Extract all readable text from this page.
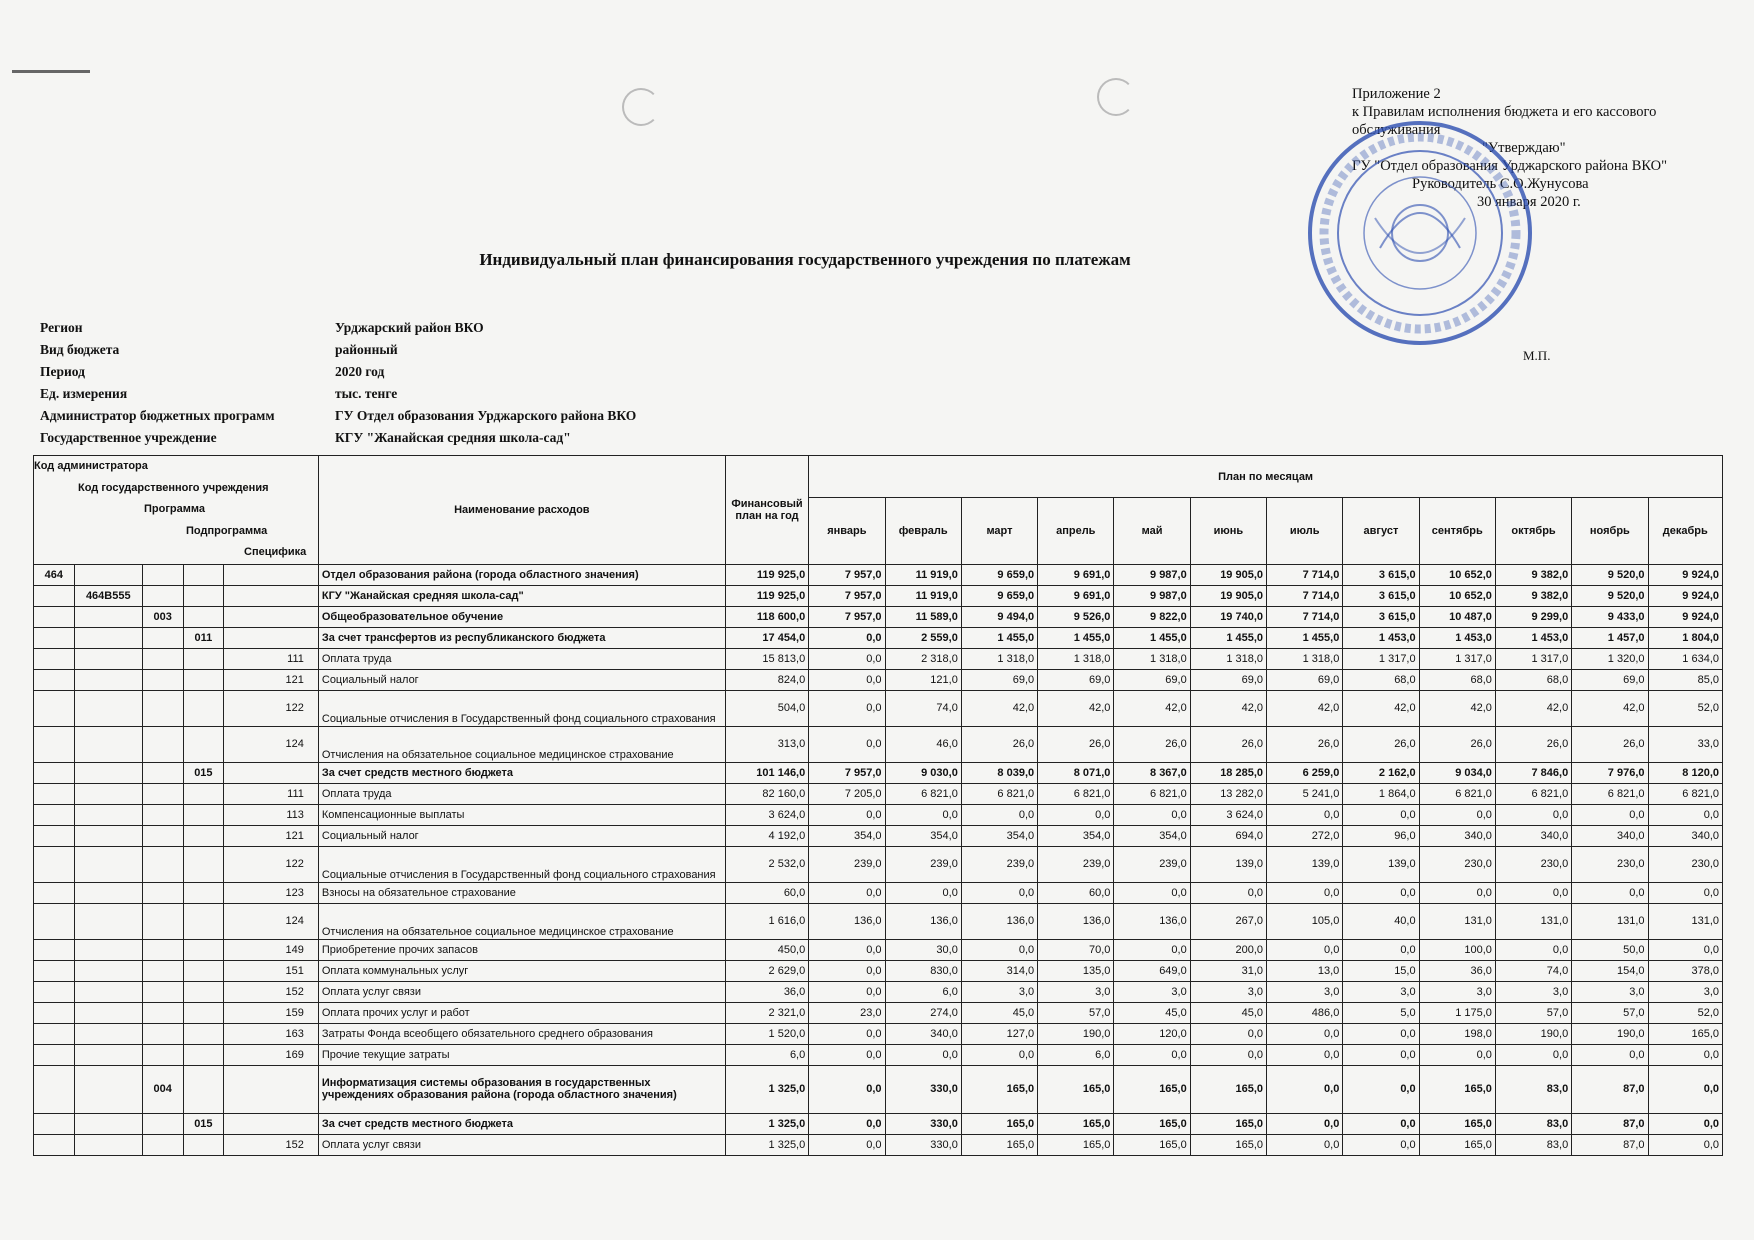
Приложение 2
к Правилам исполнения бюджета и его кассового
обслуживания
"Утверждаю"
ГУ "Отдел образования Урджарского района ВКО"
Руководитель С.О.Жунусова
30 января 2020 г.
М.П.
Индивидуальный план финансирования государственного учреждения по платежам
Регион	Урджарский район ВКО
Вид бюджета	районный
Период	2020 год
Ед. измерения	тыс. тенге
Администратор бюджетных программ	ГУ Отдел образования Урджарского района ВКО
Государственное учреждение	КГУ "Жанайская средняя школа-сад"
Код администратора
Код государственного учреждения
Программа
Подпрограмма
Специфика					Наименование расходов	Финансовый план на год	План по месяцам											
							январь	февраль	март	апрель	май	июнь	июль	август	сентябрь	октябрь	ноябрь	декабрь
464					Отдел образования района (города областного значения)	119 925,0	7 957,0	11 919,0	9 659,0	9 691,0	9 987,0	19 905,0	7 714,0	3 615,0	10 652,0	9 382,0	9 520,0	9 924,0
	464В555				КГУ "Жанайская средняя школа-сад"	119 925,0	7 957,0	11 919,0	9 659,0	9 691,0	9 987,0	19 905,0	7 714,0	3 615,0	10 652,0	9 382,0	9 520,0	9 924,0
		003			Общеобразовательное обучение	118 600,0	7 957,0	11 589,0	9 494,0	9 526,0	9 822,0	19 740,0	7 714,0	3 615,0	10 487,0	9 299,0	9 433,0	9 924,0
			011		За счет трансфертов из республиканского бюджета	17 454,0	0,0	2 559,0	1 455,0	1 455,0	1 455,0	1 455,0	1 455,0	1 453,0	1 453,0	1 453,0	1 457,0	1 804,0
				111	Оплата труда	15 813,0	0,0	2 318,0	1 318,0	1 318,0	1 318,0	1 318,0	1 318,0	1 317,0	1 317,0	1 317,0	1 320,0	1 634,0
				121	Социальный налог	824,0	0,0	121,0	69,0	69,0	69,0	69,0	69,0	68,0	68,0	68,0	69,0	85,0
				122	Социальные отчисления в Государственный фонд социального страхования	504,0	0,0	74,0	42,0	42,0	42,0	42,0	42,0	42,0	42,0	42,0	42,0	52,0
				124	Отчисления на обязательное социальное медицинское страхование	313,0	0,0	46,0	26,0	26,0	26,0	26,0	26,0	26,0	26,0	26,0	26,0	33,0
			015		За счет средств местного бюджета	101 146,0	7 957,0	9 030,0	8 039,0	8 071,0	8 367,0	18 285,0	6 259,0	2 162,0	9 034,0	7 846,0	7 976,0	8 120,0
				111	Оплата труда	82 160,0	7 205,0	6 821,0	6 821,0	6 821,0	6 821,0	13 282,0	5 241,0	1 864,0	6 821,0	6 821,0	6 821,0	6 821,0
				113	Компенсационные выплаты	3 624,0	0,0	0,0	0,0	0,0	0,0	3 624,0	0,0	0,0	0,0	0,0	0,0	0,0
				121	Социальный налог	4 192,0	354,0	354,0	354,0	354,0	354,0	694,0	272,0	96,0	340,0	340,0	340,0	340,0
				122	Социальные отчисления в Государственный фонд социального страхования	2 532,0	239,0	239,0	239,0	239,0	239,0	139,0	139,0	139,0	230,0	230,0	230,0	230,0
				123	Взносы на обязательное страхование	60,0	0,0	0,0	0,0	60,0	0,0	0,0	0,0	0,0	0,0	0,0	0,0	0,0
				124	Отчисления на обязательное социальное медицинское страхование	1 616,0	136,0	136,0	136,0	136,0	136,0	267,0	105,0	40,0	131,0	131,0	131,0	131,0
				149	Приобретение прочих запасов	450,0	0,0	30,0	0,0	70,0	0,0	200,0	0,0	0,0	100,0	0,0	50,0	0,0
				151	Оплата коммунальных услуг	2 629,0	0,0	830,0	314,0	135,0	649,0	31,0	13,0	15,0	36,0	74,0	154,0	378,0
				152	Оплата услуг связи	36,0	0,0	6,0	3,0	3,0	3,0	3,0	3,0	3,0	3,0	3,0	3,0	3,0
				159	Оплата прочих услуг и работ	2 321,0	23,0	274,0	45,0	57,0	45,0	45,0	486,0	5,0	1 175,0	57,0	57,0	52,0
				163	Затраты Фонда всеобщего обязательного среднего образования	1 520,0	0,0	340,0	127,0	190,0	120,0	0,0	0,0	0,0	198,0	190,0	190,0	165,0
				169	Прочие текущие затраты	6,0	0,0	0,0	0,0	6,0	0,0	0,0	0,0	0,0	0,0	0,0	0,0	0,0
		004			Информатизация системы образования в государственных учреждениях образования района (города областного значения)	1 325,0	0,0	330,0	165,0	165,0	165,0	165,0	0,0	0,0	165,0	83,0	87,0	0,0
			015		За счет средств местного бюджета	1 325,0	0,0	330,0	165,0	165,0	165,0	165,0	0,0	0,0	165,0	83,0	87,0	0,0
				152	Оплата услуг связи	1 325,0	0,0	330,0	165,0	165,0	165,0	165,0	0,0	0,0	165,0	83,0	87,0	0,0
